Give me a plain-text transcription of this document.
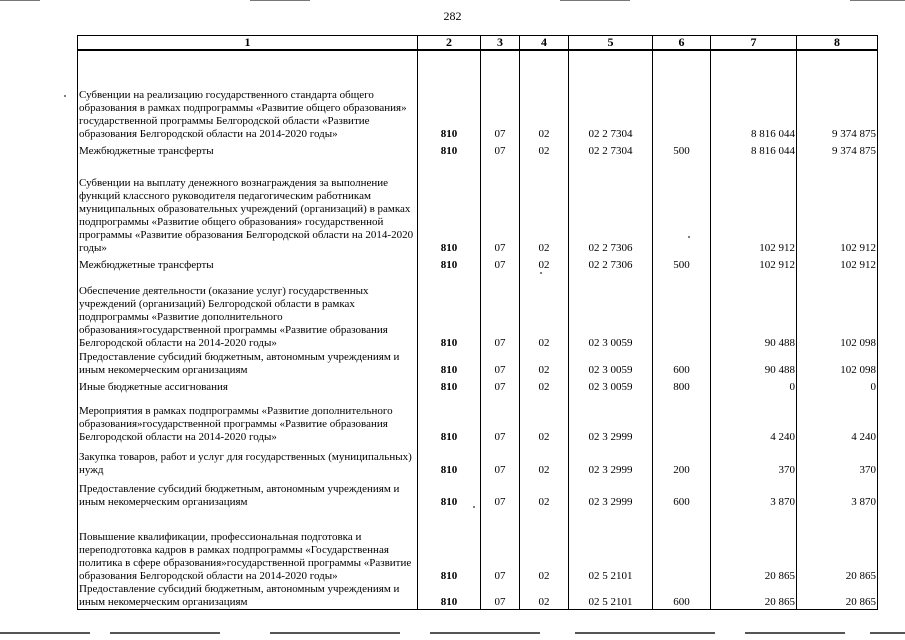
282
1	2	3	4	5	6	7	8
Субвенции на реализацию государственного стандарта общего образования в рамках подпрограммы «Развитие общего образования» государственной программы Белгородской области «Развитие образования Белгородской области на 2014-2020 годы»	810	07	02	02 2 7304		8 816 044	9 374 875
Межбюджетные трансферты	810	07	02	02 2 7304	500	8 816 044	9 374 875
Субвенции на выплату денежного вознаграждения за выполнение функций классного руководителя педагогическим работникам муниципальных образовательных учреждений (организаций) в рамках подпрограммы «Развитие общего образования» государственной программы «Развитие образования Белгородской области на 2014-2020 годы»	810	07	02	02 2 7306		102 912	102 912
Межбюджетные трансферты	810	07	02	02 2 7306	500	102 912	102 912
Обеспечение деятельности (оказание услуг) государственных учреждений (организаций) Белгородской области в рамках подпрограммы «Развитие дополнительного образования»государственной программы «Развитие образования Белгородской области на 2014-2020 годы»	810	07	02	02 3 0059		90 488	102 098
Предоставление субсидий бюджетным, автономным учреждениям и иным некомерческим организациям	810	07	02	02 3 0059	600	90 488	102 098
Иные бюджетные ассигнования	810	07	02	02 3 0059	800	0	0
Мероприятия в рамках подпрограммы «Развитие дополнительного образования»государственной программы «Развитие образования Белгородской области на 2014-2020 годы»	810	07	02	02 3 2999		4 240	4 240
Закупка товаров, работ и услуг для государственных (муниципальных) нужд	810	07	02	02 3 2999	200	370	370
Предоставление субсидий бюджетным, автономным учреждениям и иным некомерческим организациям	810	07	02	02 3 2999	600	3 870	3 870
Повышение квалификации, профессиональная подготовка и переподготовка кадров в рамках подпрограммы «Государственная политика в сфере образования»государственной программы «Развитие образования Белгородской области на 2014-2020 годы»	810	07	02	02 5 2101		20 865	20 865
Предоставление субсидий бюджетным, автономным учреждениям и иным некомерческим организациям	810	07	02	02 5 2101	600	20 865	20 865
